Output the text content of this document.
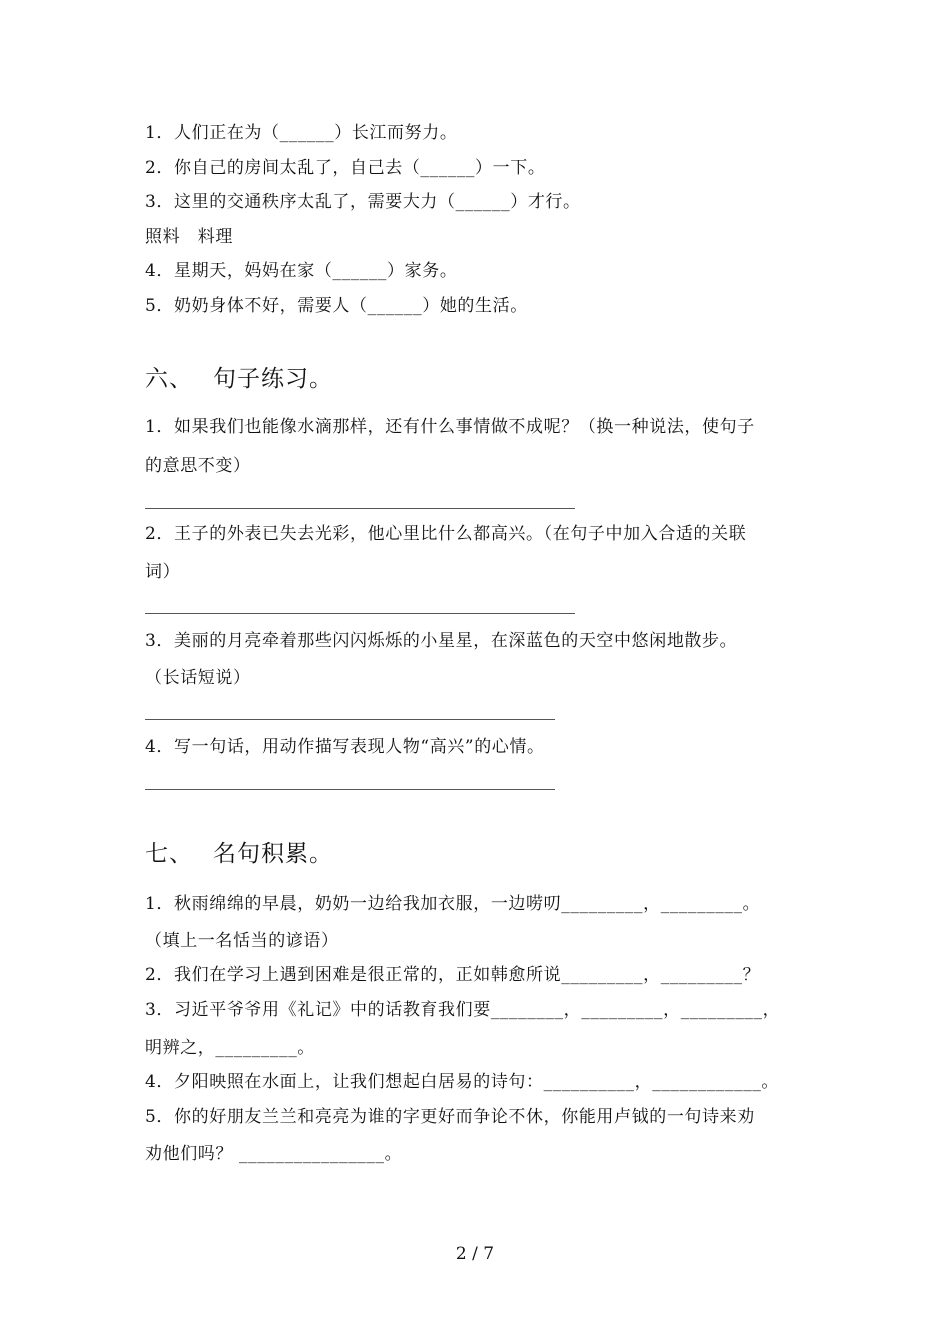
1．人们正在为（______）长江而努力。
2．你自己的房间太乱了，自己去（______）一下。
3．这里的交通秩序太乱了，需要大力（______）才行。
照料　料理
4．星期天，妈妈在家（______）家务。
5．奶奶身体不好，需要人（______）她的生活。
六、 句子练习。
1．如果我们也能像水滴那样，还有什么事情做不成呢？（换一种说法，使句子
的意思不变）
2．王子的外表已失去光彩，他心里比什么都高兴。（在句子中加入合适的关联
词）
3．美丽的月亮牵着那些闪闪烁烁的小星星，在深蓝色的天空中悠闲地散步。
（长话短说）
4．写一句话，用动作描写表现人物“高兴”的心情。
七、 名句积累。
1．秋雨绵绵的早晨，奶奶一边给我加衣服，一边唠叨_________，_________。
（填上一名恬当的谚语）
2．我们在学习上遇到困难是很正常的，正如韩愈所说_________，_________？
3．习近平爷爷用《礼记》中的话教育我们要________，_________，_________，
明辨之，_________。
4．夕阳映照在水面上，让我们想起白居易的诗句：__________，____________。
5．你的好朋友兰兰和亮亮为谁的字更好而争论不休，你能用卢钺的一句诗来劝
劝他们吗？ ________________。
2 / 7
